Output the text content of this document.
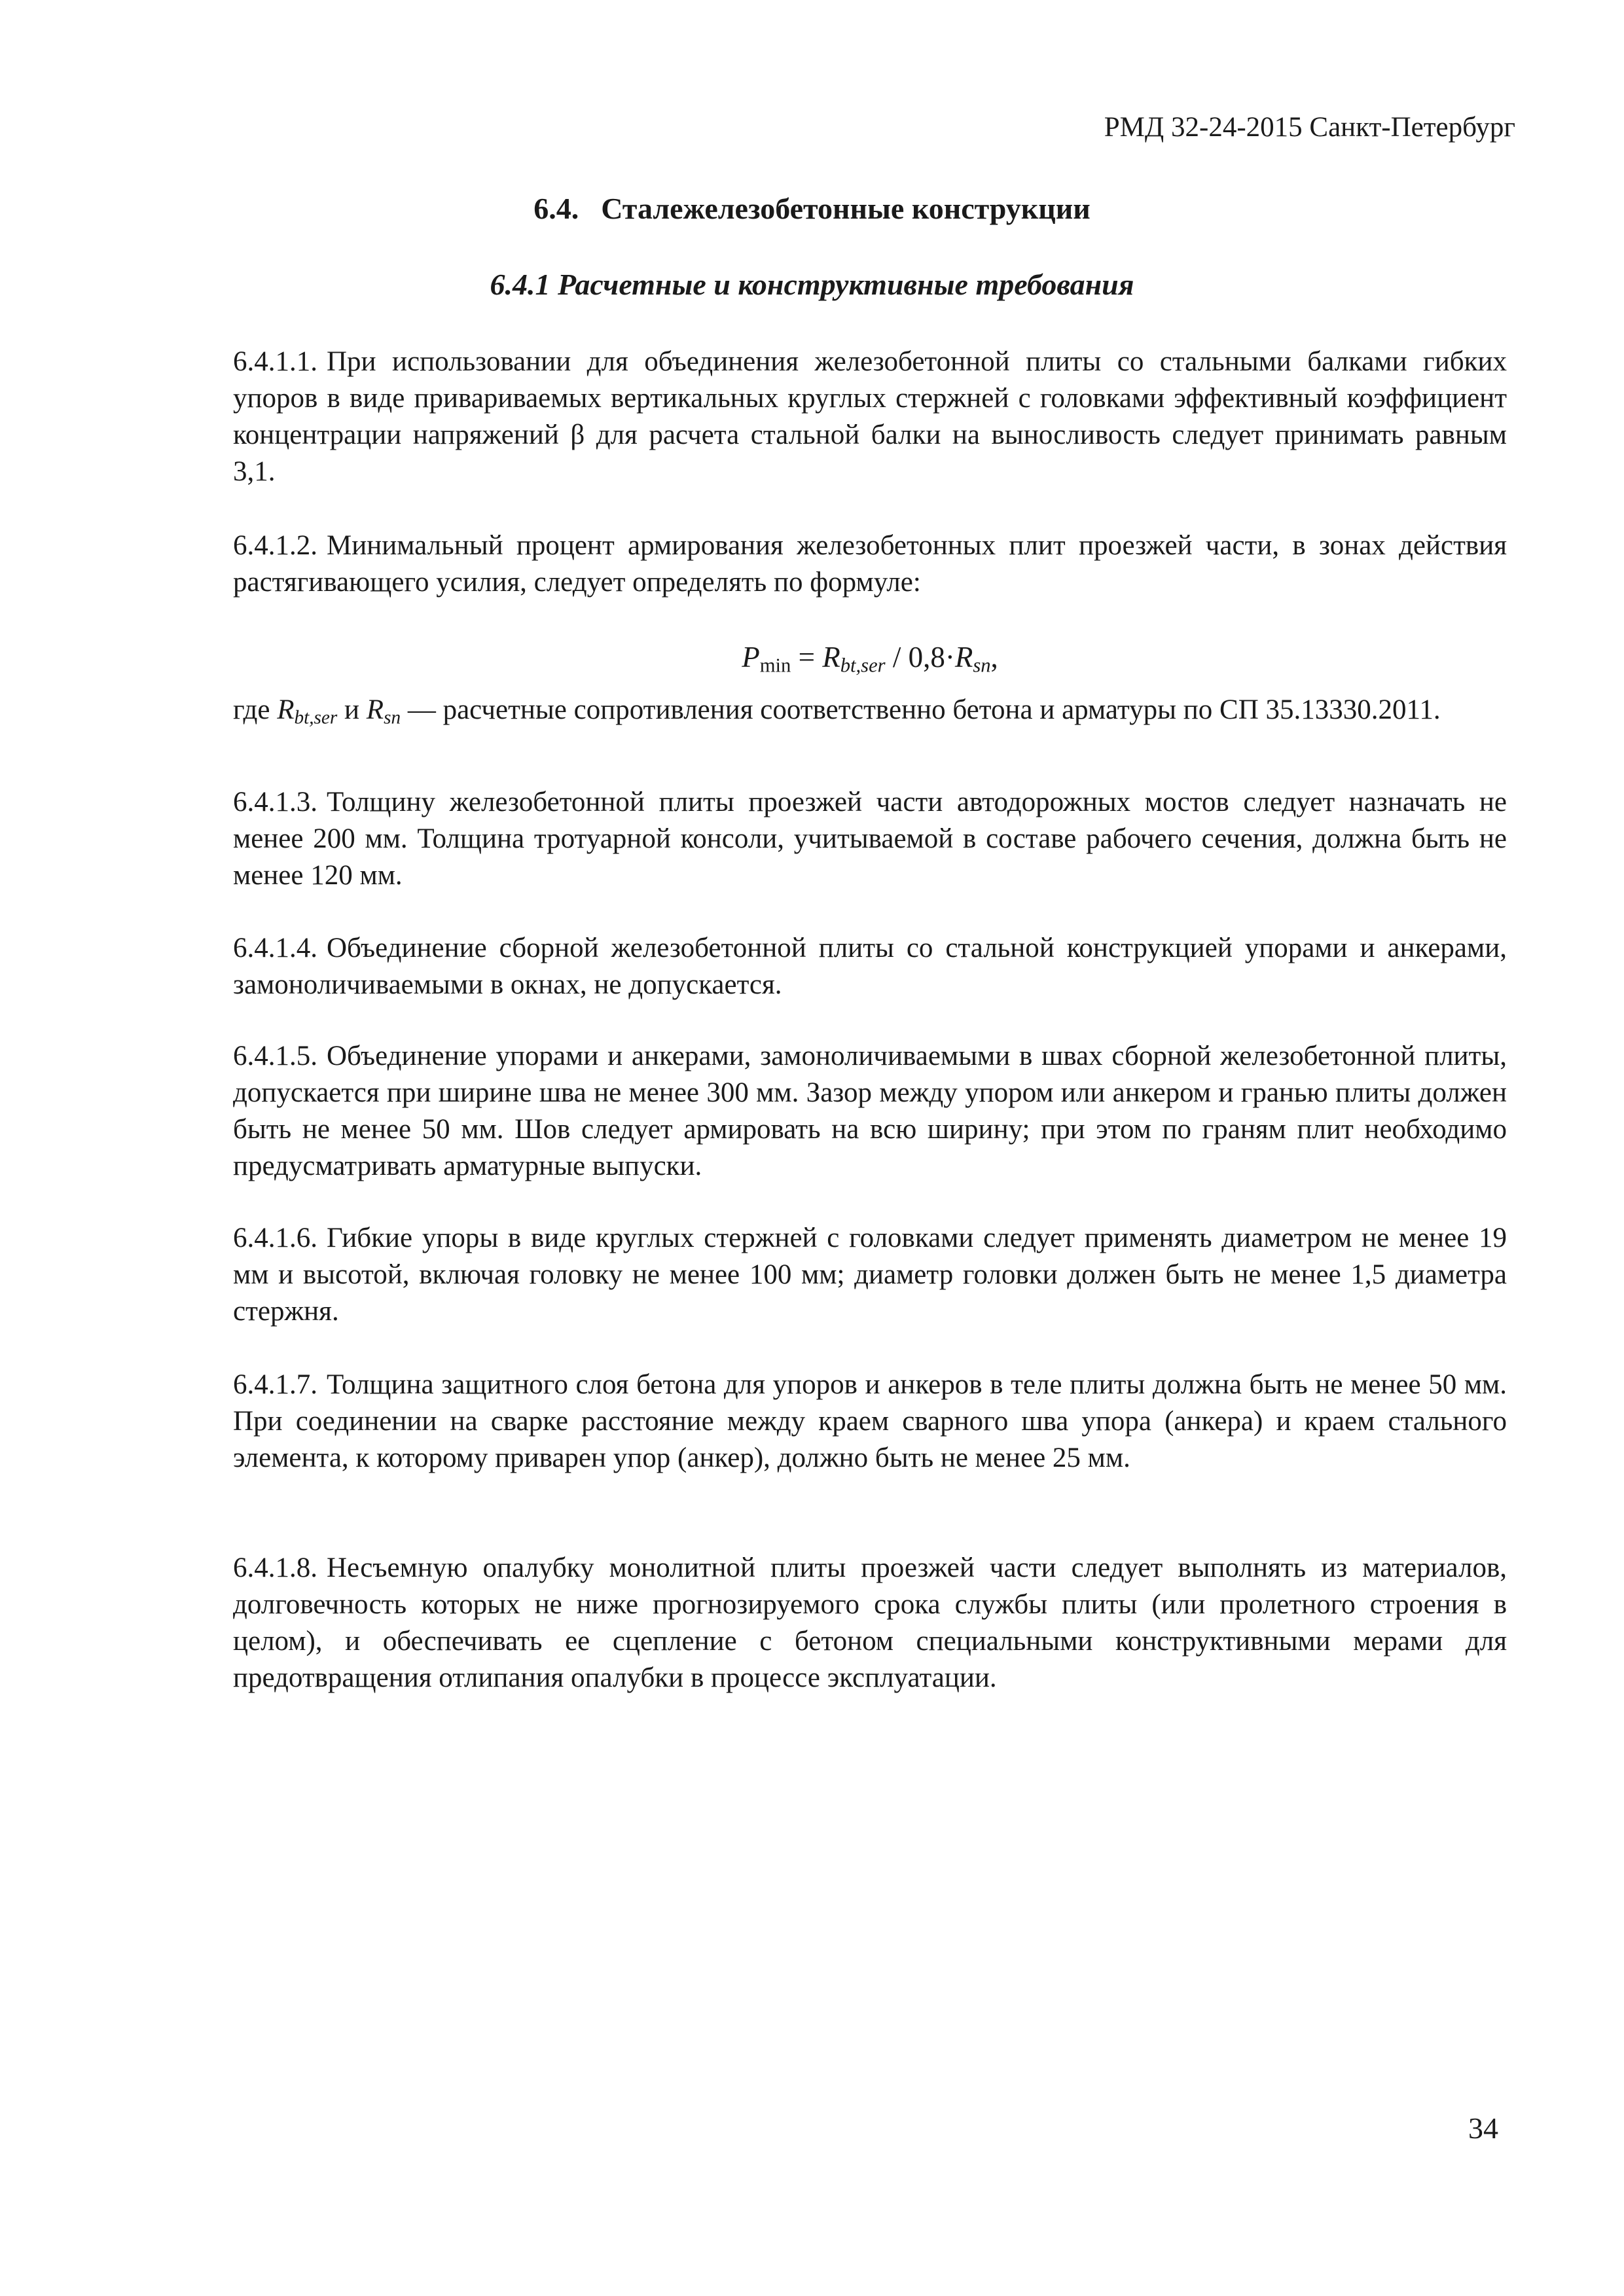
РМД 32-24-2015 Санкт-Петербург
6.4. Сталежелезобетонные конструкции
6.4.1 Расчетные и конструктивные требования
6.4.1.1. При использовании для объединения железобетонной плиты со стальными балками гибких упоров в виде привариваемых вертикальных круглых стержней с головками эффективный коэффициент концентрации напряжений β для расчета стальной балки на выносливость следует принимать равным 3,1.
6.4.1.2. Минимальный процент армирования железобетонных плит проезжей части, в зонах действия растягивающего усилия, следует определять по формуле:
$P_{min} = R_{bt,ser} / 0,8\cdot R_{sn}$,
где $R_{bt,ser}$ и $R_{sn}$ — расчетные сопротивления соответственно бетона и арматуры по СП 35.13330.2011.
6.4.1.3. Толщину железобетонной плиты проезжей части автодорожных мостов следует назначать не менее 200 мм. Толщина тротуарной консоли, учитываемой в составе рабочего сечения, должна быть не менее 120 мм.
6.4.1.4. Объединение сборной железобетонной плиты со стальной конструкцией упорами и анкерами, замоноличиваемыми в окнах, не допускается.
6.4.1.5. Объединение упорами и анкерами, замоноличиваемыми в швах сборной железобетонной плиты, допускается при ширине шва не менее 300 мм. Зазор между упором или анкером и гранью плиты должен быть не менее 50 мм. Шов следует армировать на всю ширину; при этом по граням плит необходимо предусматривать арматурные выпуски.
6.4.1.6. Гибкие упоры в виде круглых стержней с головками следует применять диаметром не менее 19 мм и высотой, включая головку не менее 100 мм; диаметр головки должен быть не менее 1,5 диаметра стержня.
6.4.1.7. Толщина защитного слоя бетона для упоров и анкеров в теле плиты должна быть не менее 50 мм. При соединении на сварке расстояние между краем сварного шва упора (анкера) и краем стального элемента, к которому приварен упор (анкер), должно быть не менее 25 мм.
6.4.1.8. Несъемную опалубку монолитной плиты проезжей части следует выполнять из материалов, долговечность которых не ниже прогнозируемого срока службы плиты (или пролетного строения в целом), и обеспечивать ее сцепление с бетоном специальными конструктивными мерами для предотвращения отлипания опалубки в процессе эксплуатации.
34
